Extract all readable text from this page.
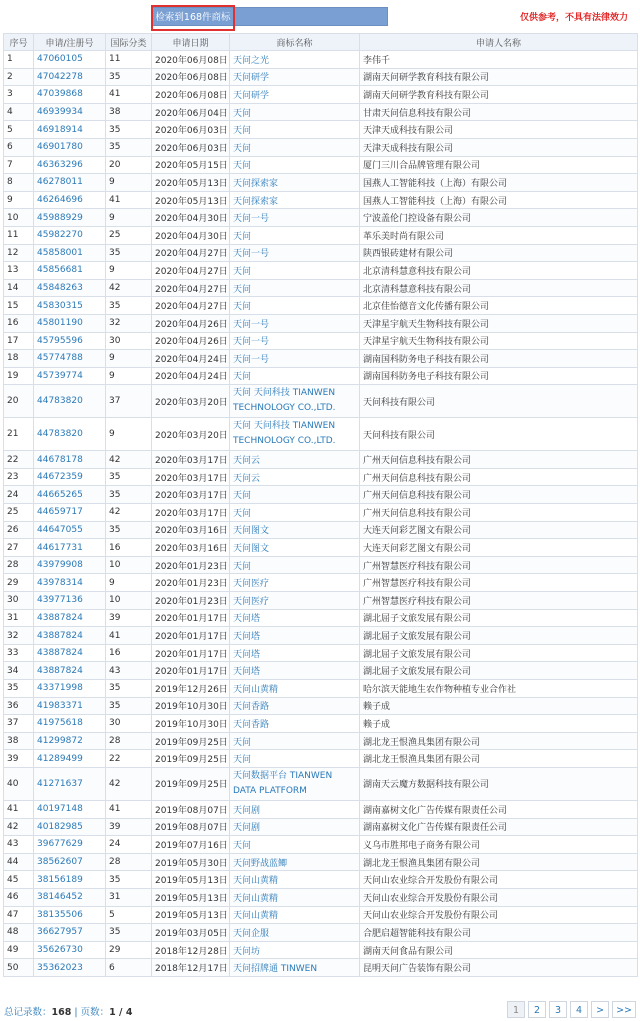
检索到168件商标	仅供参考，不具有法律效力
序号	申请/注册号	国际分类	申请日期	商标名称	申请人名称
1	47060105	11	2020年06月08日	天问之光	李伟千
2	47042278	35	2020年06月08日	天问研学	湖南天问研学教育科技有限公司
3	47039868	41	2020年06月08日	天问研学	湖南天问研学教育科技有限公司
4	46939934	38	2020年06月04日	天问	甘肃天问信息科技有限公司
5	46918914	35	2020年06月03日	天问	天津天成科技有限公司
6	46901780	35	2020年06月03日	天问	天津天成科技有限公司
7	46363296	20	2020年05月15日	天问	厦门三川合品牌管理有限公司
8	46278011	9	2020年05月13日	天问探索家	国燕人工智能科技（上海）有限公司
9	46264696	41	2020年05月13日	天问探索家	国燕人工智能科技（上海）有限公司
10	45988929	9	2020年04月30日	天问一号	宁波盖伦门控设备有限公司
11	45982270	25	2020年04月30日	天问	革乐美时尚有限公司
12	45858001	35	2020年04月27日	天问一号	陕西银砖建材有限公司
13	45856681	9	2020年04月27日	天问	北京清科慧意科技有限公司
14	45848263	42	2020年04月27日	天问	北京清科慧意科技有限公司
15	45830315	35	2020年04月27日	天问	北京佳怡德音文化传播有限公司
16	45801190	32	2020年04月26日	天问一号	天津星宇航天生物科技有限公司
17	45795596	30	2020年04月26日	天问一号	天津星宇航天生物科技有限公司
18	45774788	9	2020年04月24日	天问一号	湖南国科防务电子科技有限公司
19	45739774	9	2020年04月24日	天问	湖南国科防务电子科技有限公司
20	44783820	37	2020年03月20日	天问 天问科技 TIANWEN TECHNOLOGY CO.,LTD.	天问科技有限公司
21	44783820	9	2020年03月20日	天问 天问科技 TIANWEN TECHNOLOGY CO.,LTD.	天问科技有限公司
22	44678178	42	2020年03月17日	天问云	广州天问信息科技有限公司
23	44672359	35	2020年03月17日	天问云	广州天问信息科技有限公司
24	44665265	35	2020年03月17日	天问	广州天问信息科技有限公司
25	44659717	42	2020年03月17日	天问	广州天问信息科技有限公司
26	44647055	35	2020年03月16日	天问图文	大连天问彩艺图文有限公司
27	44617731	16	2020年03月16日	天问图文	大连天问彩艺图文有限公司
28	43979908	10	2020年01月23日	天问	广州智慧医疗科技有限公司
29	43978314	9	2020年01月23日	天问医疗	广州智慧医疗科技有限公司
30	43977136	10	2020年01月23日	天问医疗	广州智慧医疗科技有限公司
31	43887824	39	2020年01月17日	天问塔	湖北屈子文旅发展有限公司
32	43887824	41	2020年01月17日	天问塔	湖北屈子文旅发展有限公司
33	43887824	16	2020年01月17日	天问塔	湖北屈子文旅发展有限公司
34	43887824	43	2020年01月17日	天问塔	湖北屈子文旅发展有限公司
35	43371998	35	2019年12月26日	天问山黄精	哈尔滨天能地生农作物种植专业合作社
36	41983371	35	2019年10月30日	天问香路	赖子成
37	41975618	30	2019年10月30日	天问香路	赖子成
38	41299872	28	2019年09月25日	天问	湖北龙王恨渔具集团有限公司
39	41289499	22	2019年09月25日	天问	湖北龙王恨渔具集团有限公司
40	41271637	42	2019年09月25日	天问数据平台 TIANWEN DATA PLATFORM	湖南天云魔方数据科技有限公司
41	40197148	41	2019年08月07日	天问剧	湖南嘉树文化广告传媒有限责任公司
42	40182985	39	2019年08月07日	天问剧	湖南嘉树文化广告传媒有限责任公司
43	39677629	24	2019年07月16日	天问	义乌市胜邦电子商务有限公司
44	38562607	28	2019年05月30日	天问野战蓝鲫	湖北龙王恨渔具集团有限公司
45	38156189	35	2019年05月13日	天问山黄精	天问山农业综合开发股份有限公司
46	38146452	31	2019年05月13日	天问山黄精	天问山农业综合开发股份有限公司
47	38135506	5	2019年05月13日	天问山黄精	天问山农业综合开发股份有限公司
48	36627957	35	2019年03月05日	天问企服	合肥启超智能科技有限公司
49	35626730	29	2018年12月28日	天问坊	湖南天问食品有限公司
50	35362023	6	2018年12月17日	天问招牌通 TINWEN	昆明天问广告装饰有限公司
总记录数：168 | 页数：1 / 4	1	2	3	4	>	>>
